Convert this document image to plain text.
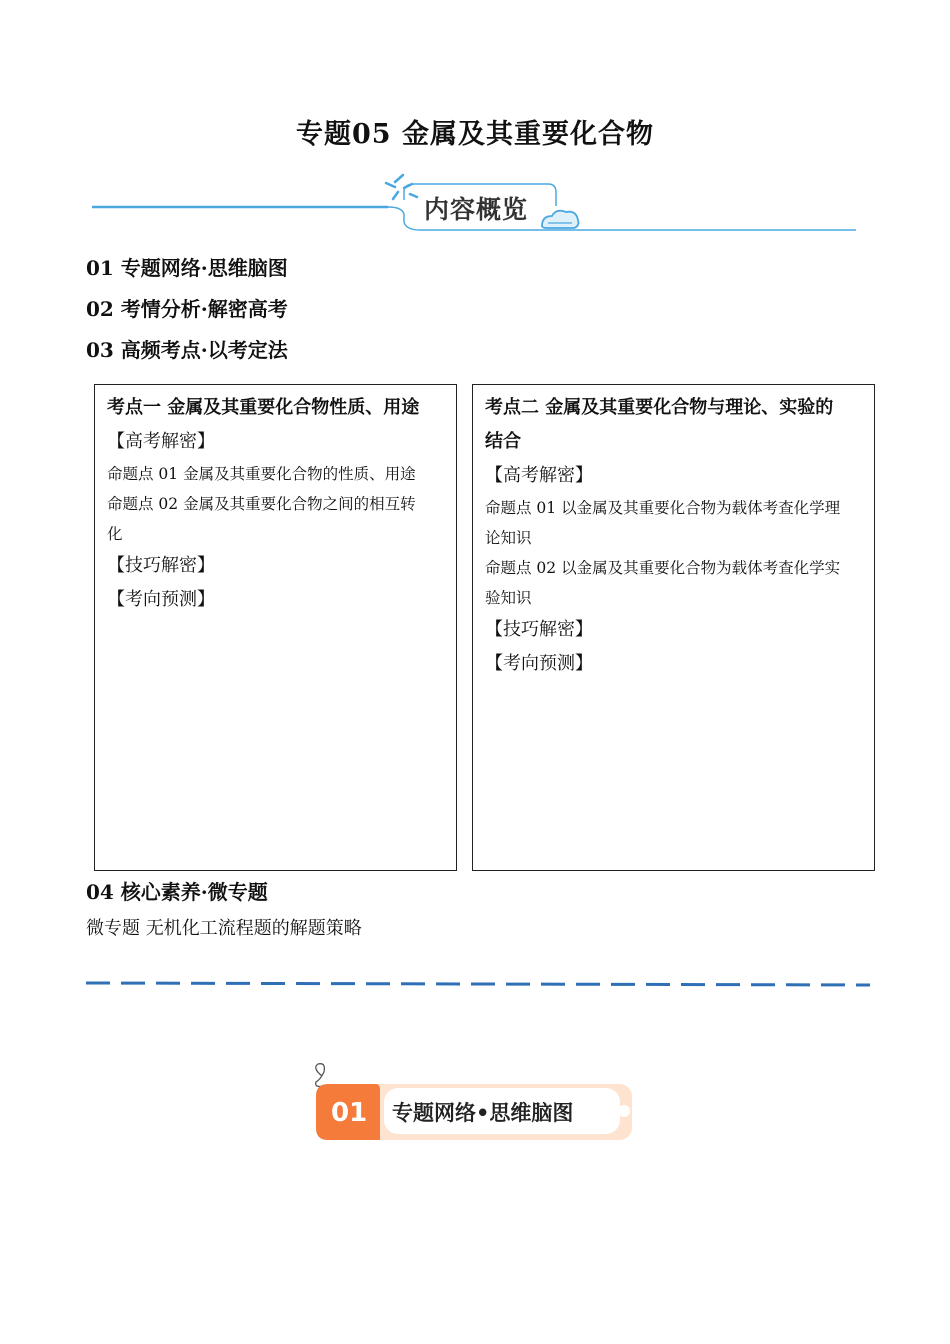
专题05 金属及其重要化合物
内容概览
01 专题网络·思维脑图
02 考情分析·解密高考
03 高频考点·以考定法
考点一 金属及其重要化合物性质、用途
【高考解密】
命题点 01 金属及其重要化合物的性质、用途
命题点 02 金属及其重要化合物之间的相互转
化
【技巧解密】
【考向预测】
考点二 金属及其重要化合物与理论、实验的
结合
【高考解密】
命题点 01 以金属及其重要化合物为载体考查化学理
论知识
命题点 02 以金属及其重要化合物为载体考查化学实
验知识
【技巧解密】
【考向预测】
04 核心素养·微专题
微专题 无机化工流程题的解题策略
01 专题网络•思维脑图
